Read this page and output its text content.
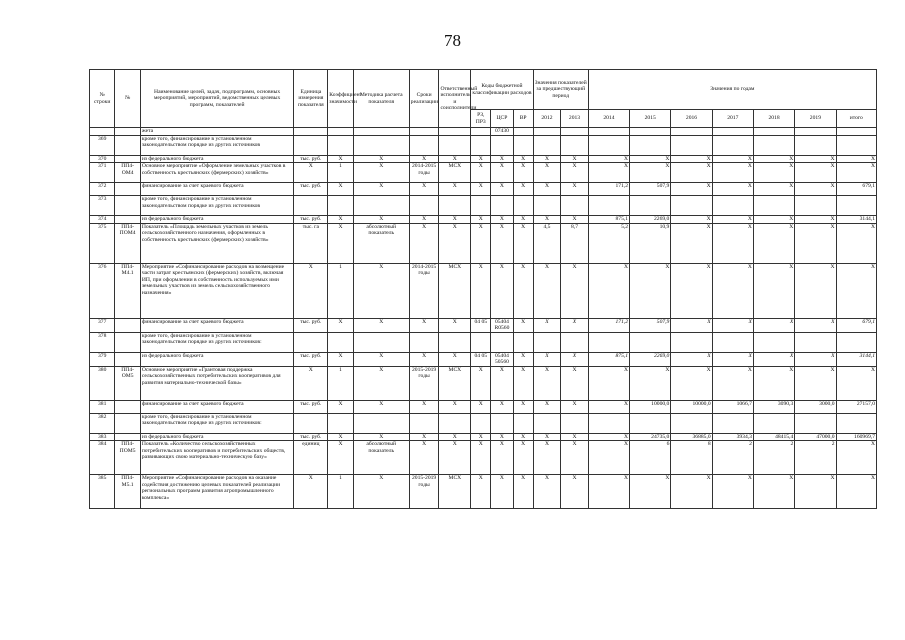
78
№ строки	№	Наименование целей, задач, подпрограмм, основных мероприятий, мероприятий, ведомственных целевых программ, показателей	Единица измерения показателя	Коэффициент значимости	Методика расчета показателя	Сроки реализации	Ответственный исполнитель и соисполнители	Коды бюджетной классификации расходов			Значения показателей за предшествующий период		Значения по годам						
								РЗ, ПР3	ЦСР	ВР	2012	2013	2014	2015	2016	2017	2018	2019	итого
		жета							07430										
369		кроме того, финансирование в установленном законодательством порядке из других источников																	
370		из федерального бюджета	тыс. руб.	X	X	X	X	X	X	X	X	X	X	X	X	X	X	X	X
371	ПП4-ОМ4	Основное мероприятие «Оформление земельных участков в собственность крестьянских (фермерских) хозяйств»	X	1	X	2014-2015 годы	МСХ	X	X	X	X	X	X	X	X	X	X	X	X
372		финансирование за счет краевого бюджета	тыс. руб.	X	X	X	X	X	X	X	X	X	171,2	507,9	X	X	X	X	679,1
373		кроме того, финансирование в установленном законодательством порядке из других источников																	
374		из федерального бюджета	тыс. руб.	X	X	X	X	X	X	X	X	X	875,1	2269,0	X	X	X	X	3144,1
375	ПП4-ПОМ4	Показатель «Площадь земельных участков из земель сельскохозяйственного назначения, оформленных в собственность крестьянских (фермерских) хозяйств»	тыс. га	X	абсолютный показатель	X	X	X	X	X	4,5	8,7	5,2	10,9	X	X	X	X	X
376	ПП4-М4.1	Мероприятие «Софинансирование расходов на возмещение части затрат крестьянских (фермерских) хозяйств, включая ИП, при оформлении в собственность используемых ими земельных участков из земель сельскохозяйственного назначения»	X	1	X	2014-2015 годы	МСХ	X	X	X	X	X	X	X	X	X	X	X	X
377		финансирование за счет краевого бюджета	тыс. руб.	X	X	X	X	04 05	05404 R0560	X	X	X	171,2	507,9	X	X	X	X	679,1
378		кроме того, финансирование в установленном законодательством порядке из других источников:																	
379		из федерального бюджета	тыс. руб.	X	X	X	X	04 05	05404 50560	X	X	X	875,1	2269,0	X	X	X	X	3144,1
380	ПП4-ОМ5	Основное мероприятие «Грантовая поддержка сельскохозяйственных потребительских кооперативов для развития материально-технической базы»	X	1	X	2015-2019 годы	МСХ	X	X	X	X	X	X	X	X	X	X	X	X
381		финансирование за счет краевого бюджета	тыс. руб.	X	X	X	X	X	X	X	X	X	X	10000,0	10000,0	1066,7	3090,3	3000,0	27157,0
382		кроме того, финансирование в установленном законодательством порядке из других источников:																	
383		из федерального бюджета	тыс. руб.	X	X	X	X	X	X	X	X	X	X	24735,0	36885,0	3934,3	48415,4	47000,0	160969,7
384	ПП4-ПОМ5	Показатель «Количество сельскохозяйственных потребительских кооперативов и потребительских обществ, развивающих свою материально-техническую базу»	единиц	X	абсолютный показатель	X	X	X	X	X	X	X	X	6	8	2	2	2	X
385	ПП4-М5.1	Мероприятие «Софинансирование расходов на оказание содействия достижению целевых показателей реализации региональных программ развития агропромышленного комплекса»	X	1	X	2015-2019 годы	МСХ	X	X	X	X	X	X	X	X	X	X	X	X
